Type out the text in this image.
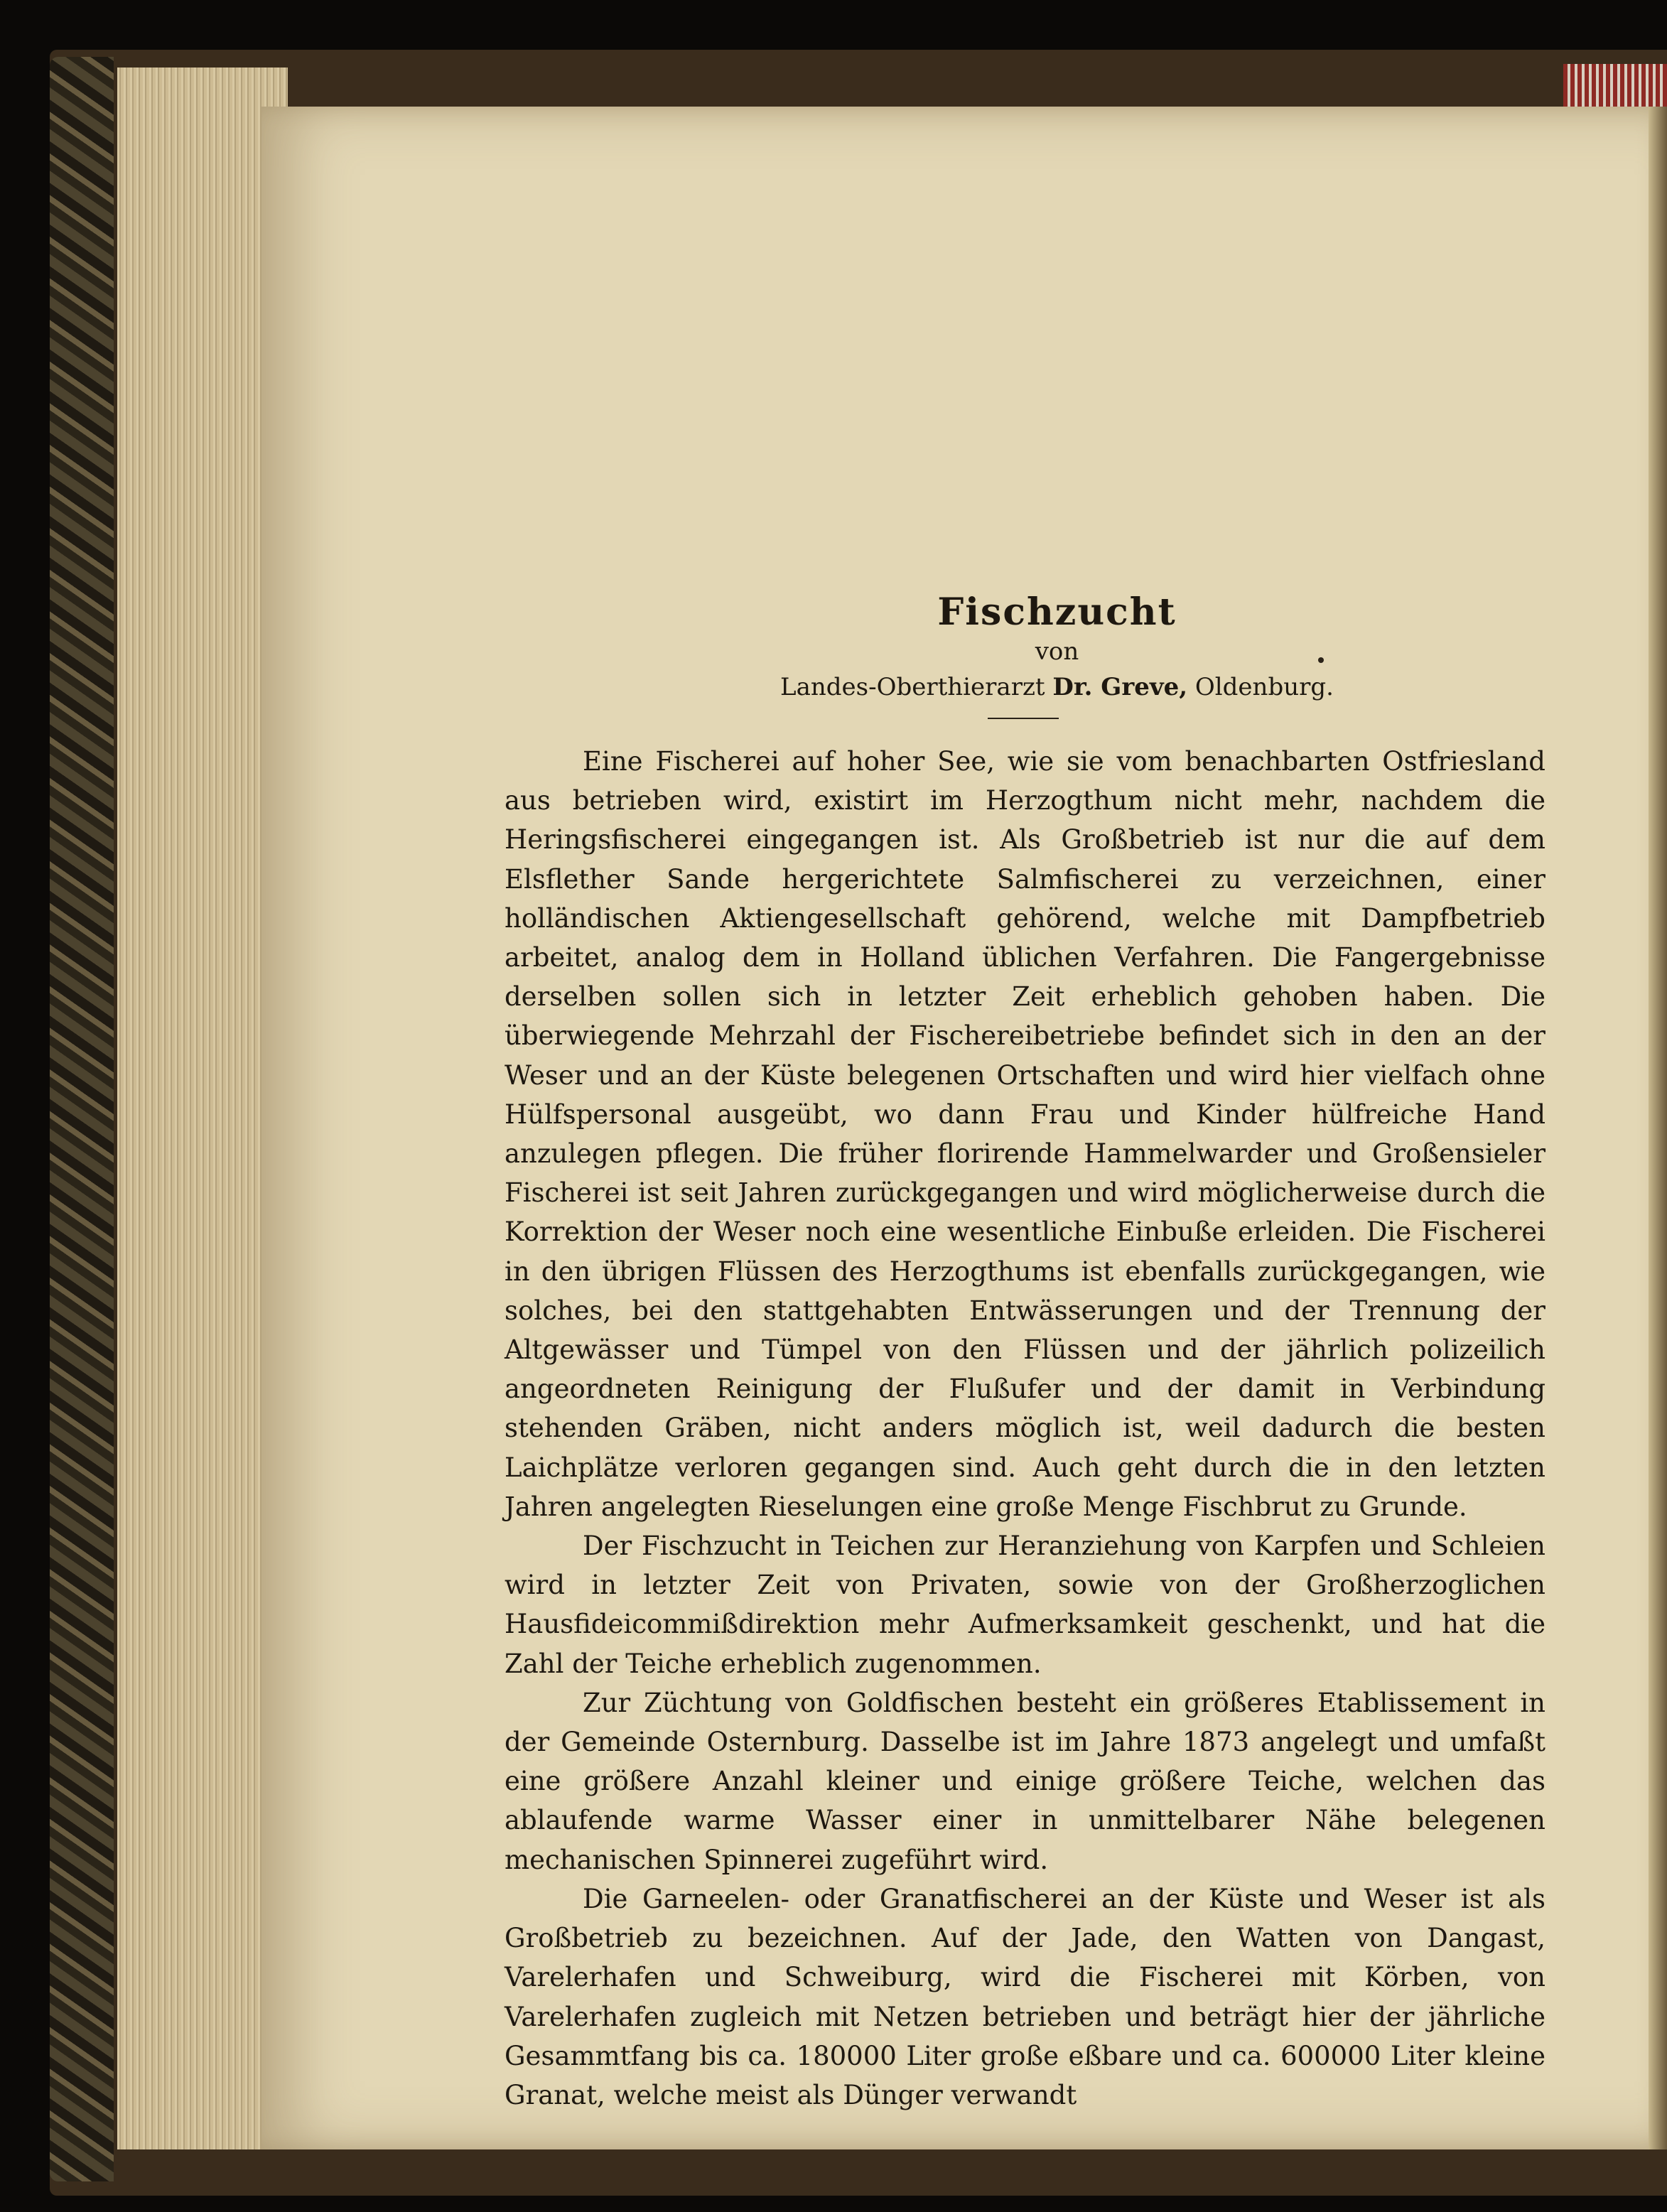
Fischzucht

von

Landes-Oberthierarzt Dr. Greve, Oldenburg.

Eine Fischerei auf hoher See, wie sie vom benachbarten Ostfriesland aus betrieben wird, existirt im Herzogthum nicht mehr, nachdem die Heringsfischerei eingegangen ist. Als Großbetrieb ist nur die auf dem Elsflether Sande hergerichtete Salmfischerei zu verzeichnen, einer holländischen Aktiengesellschaft gehörend, welche mit Dampfbetrieb arbeitet, analog dem in Holland üblichen Verfahren. Die Fangergebnisse derselben sollen sich in letzter Zeit erheblich gehoben haben. Die überwiegende Mehrzahl der Fischereibetriebe befindet sich in den an der Weser und an der Küste belegenen Ortschaften und wird hier vielfach ohne Hülfspersonal ausgeübt, wo dann Frau und Kinder hülfreiche Hand anzulegen pflegen. Die früher florirende Hammelwarder und Großensieler Fischerei ist seit Jahren zurückgegangen und wird möglicherweise durch die Korrektion der Weser noch eine wesentliche Einbuße erleiden. Die Fischerei in den übrigen Flüssen des Herzogthums ist ebenfalls zurückgegangen, wie solches, bei den stattgehabten Entwässerungen und der Trennung der Altgewässer und Tümpel von den Flüssen und der jährlich polizeilich angeordneten Reinigung der Flußufer und der damit in Verbindung stehenden Gräben, nicht anders möglich ist, weil dadurch die besten Laichplätze verloren gegangen sind. Auch geht durch die in den letzten Jahren angelegten Rieselungen eine große Menge Fischbrut zu Grunde.

Der Fischzucht in Teichen zur Heranziehung von Karpfen und Schleien wird in letzter Zeit von Privaten, sowie von der Großherzoglichen Hausfideicommißdirektion mehr Aufmerksamkeit geschenkt, und hat die Zahl der Teiche erheblich zugenommen.

Zur Züchtung von Goldfischen besteht ein größeres Etablissement in der Gemeinde Osternburg. Dasselbe ist im Jahre 1873 angelegt und umfaßt eine größere Anzahl kleiner und einige größere Teiche, welchen das ablaufende warme Wasser einer in unmittelbarer Nähe belegenen mechanischen Spinnerei zugeführt wird.

Die Garneelen- oder Granatfischerei an der Küste und Weser ist als Großbetrieb zu bezeichnen. Auf der Jade, den Watten von Dangast, Varelerhafen und Schweiburg, wird die Fischerei mit Körben, von Varelerhafen zugleich mit Netzen betrieben und beträgt hier der jährliche Gesammtfang bis ca. 180000 Liter große eßbare und ca. 600000 Liter kleine Granat, welche meist als Dünger verwandt
